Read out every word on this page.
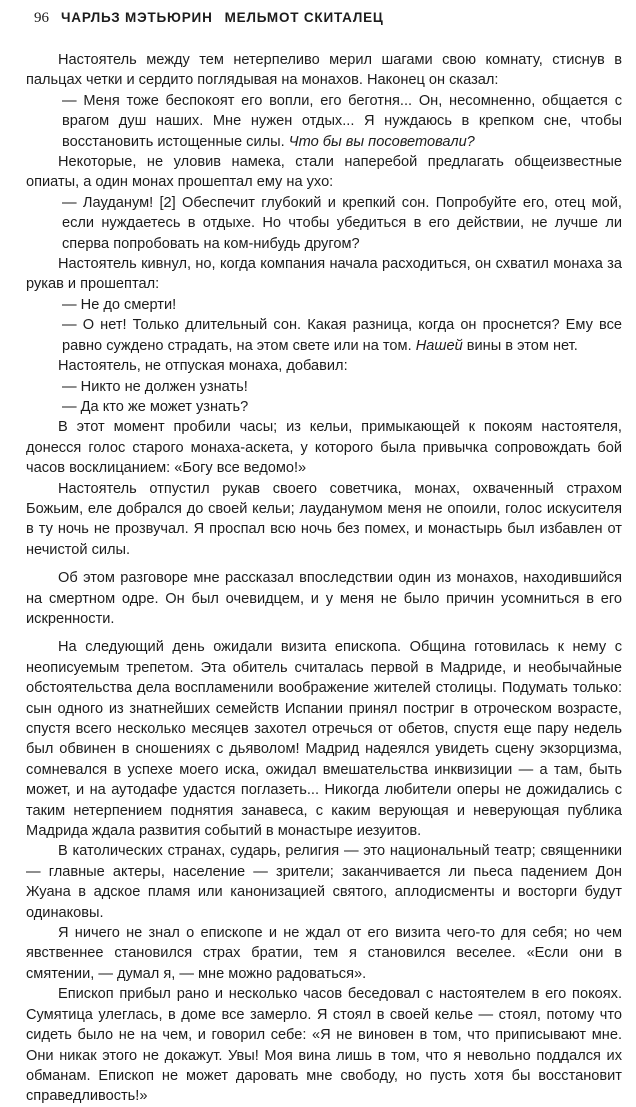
96 ЧАРЛЬЗ МЭТЬЮРИН МЕЛЬМОТ СКИТАЛЕЦ

Настоятель между тем нетерпеливо мерил шагами свою комнату, стиснув в пальцах четки и сердито поглядывая на монахов. Наконец он сказал:

— Меня тоже беспокоят его вопли, его беготня... Он, несомненно, общается с врагом душ наших. Мне нужен отдых... Я нуждаюсь в крепком сне, чтобы восстановить истощенные силы. Что бы вы посоветовали?

Некоторые, не уловив намека, стали наперебой предлагать общеизвестные опиаты, а один монах прошептал ему на ухо:

— Лауданум! [2] Обеспечит глубокий и крепкий сон. Попробуйте его, отец мой, если нуждаетесь в отдыхе. Но чтобы убедиться в его действии, не лучше ли сперва попробовать на ком-нибудь другом?

Настоятель кивнул, но, когда компания начала расходиться, он схватил монаха за рукав и прошептал:

— Не до смерти!

— О нет! Только длительный сон. Какая разница, когда он проснется? Ему все равно суждено страдать, на этом свете или на том. Нашей вины в этом нет.

Настоятель, не отпуская монаха, добавил:

— Никто не должен узнать!

— Да кто же может узнать?

В этот момент пробили часы; из кельи, примыкающей к покоям настоятеля, донесся голос старого монаха-аскета, у которого была привычка сопровождать бой часов восклицанием: «Богу все ведомо!»

Настоятель отпустил рукав своего советчика, монах, охваченный страхом Божьим, еле добрался до своей кельи; лауданумом меня не опоили, голос искусителя в ту ночь не прозвучал. Я проспал всю ночь без помех, и монастырь был избавлен от нечистой силы.

Об этом разговоре мне рассказал впоследствии один из монахов, находившийся на смертном одре. Он был очевидцем, и у меня не было причин усомниться в его искренности.

На следующий день ожидали визита епископа. Община готовилась к нему с неописуемым трепетом. Эта обитель считалась первой в Мадриде, и необычайные обстоятельства дела воспламенили воображение жителей столицы. Подумать только: сын одного из знатнейших семейств Испании принял постриг в отроческом возрасте, спустя всего несколько месяцев захотел отречься от обетов, спустя еще пару недель был обвинен в сношениях с дьяволом! Мадрид надеялся увидеть сцену экзорцизма, сомневался в успехе моего иска, ожидал вмешательства инквизиции — а там, быть может, и на аутодафе удастся поглазеть... Никогда любители оперы не дожидались с таким нетерпением поднятия занавеса, с каким верующая и неверующая публика Мадрида ждала развития событий в монастыре иезуитов.

В католических странах, сударь, религия — это национальный театр; священники — главные актеры, население — зрители; заканчивается ли пьеса падением Дон Жуана в адское пламя или канонизацией святого, аплодисменты и восторги будут одинаковы.

Я ничего не знал о епископе и не ждал от его визита чего-то для себя; но чем явственнее становился страх братии, тем я становился веселее. «Если они в смятении, — думал я, — мне можно радоваться».

Епископ прибыл рано и несколько часов беседовал с настоятелем в его покоях. Сумятица улеглась, в доме все замерло. Я стоял в своей келье — стоял, потому что сидеть было не на чем, и говорил себе: «Я не виновен в том, что приписывают мне. Они никак этого не докажут. Увы! Моя вина лишь в том, что я невольно поддался их обманам. Епископ не может даровать мне свободу, но пусть хотя бы восстановит справедливость!»
